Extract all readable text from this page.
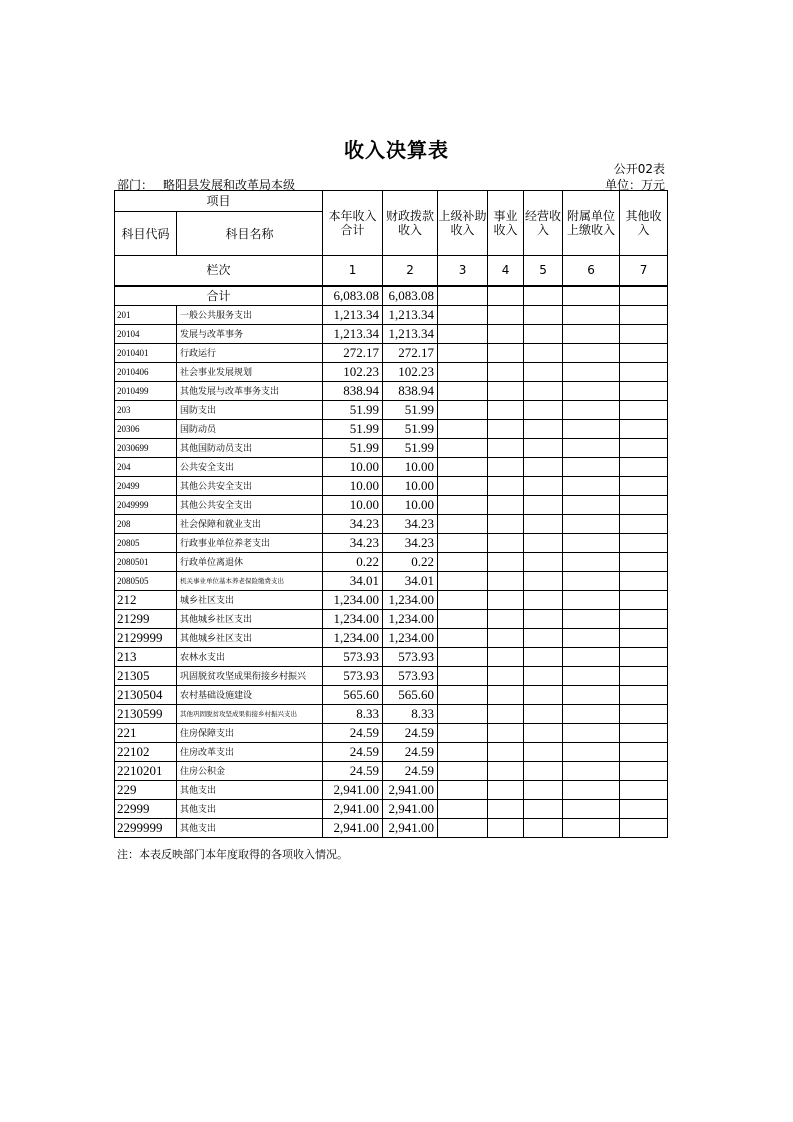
收入决算表
公开02表
部门： 略阳县发展和改革局本级	单位：万元
项目		本年收入合计	财政拨款收入	上级补助收入	事业收入	经营收入	附属单位上缴收入	其他收入
科目代码	科目名称							
栏次		1	2	3	4	5	6	7
合计		6,083.08	6,083.08					
201	一般公共服务支出	1,213.34	1,213.34					
20104	发展与改革事务	1,213.34	1,213.34					
2010401	行政运行	272.17	272.17					
2010406	社会事业发展规划	102.23	102.23					
2010499	其他发展与改革事务支出	838.94	838.94					
203	国防支出	51.99	51.99					
20306	国防动员	51.99	51.99					
2030699	其他国防动员支出	51.99	51.99					
204	公共安全支出	10.00	10.00					
20499	其他公共安全支出	10.00	10.00					
2049999	其他公共安全支出	10.00	10.00					
208	社会保障和就业支出	34.23	34.23					
20805	行政事业单位养老支出	34.23	34.23					
2080501	行政单位离退休	0.22	0.22					
2080505	机关事业单位基本养老保险缴费支出	34.01	34.01					
212	城乡社区支出	1,234.00	1,234.00					
21299	其他城乡社区支出	1,234.00	1,234.00					
2129999	其他城乡社区支出	1,234.00	1,234.00					
213	农林水支出	573.93	573.93					
21305	巩固脱贫攻坚成果衔接乡村振兴	573.93	573.93					
2130504	农村基础设施建设	565.60	565.60					
2130599	其他巩固脱贫攻坚成果衔接乡村振兴支出	8.33	8.33					
221	住房保障支出	24.59	24.59					
22102	住房改革支出	24.59	24.59					
2210201	住房公积金	24.59	24.59					
229	其他支出	2,941.00	2,941.00					
22999	其他支出	2,941.00	2,941.00					
2299999	其他支出	2,941.00	2,941.00					
注：本表反映部门本年度取得的各项收入情况。
